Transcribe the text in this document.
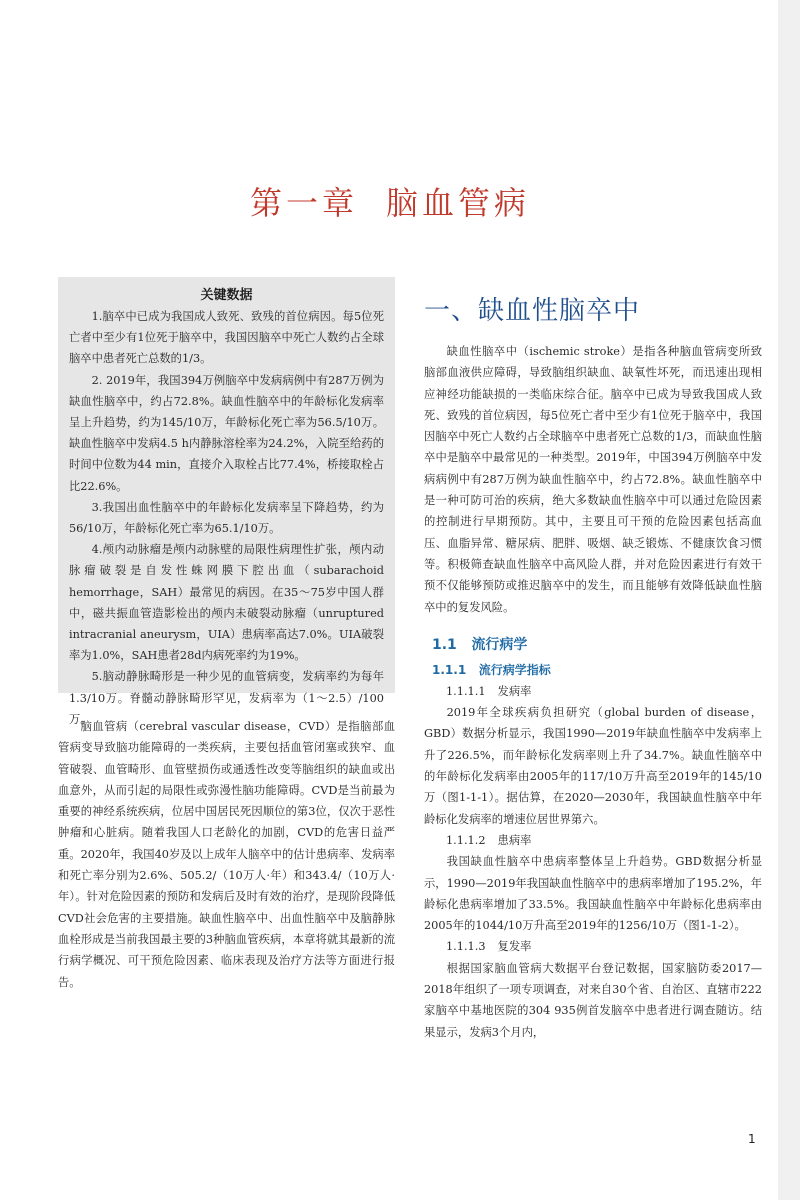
第一章 脑血管病
关键数据

1.脑卒中已成为我国成人致死、致残的首位病因。每5位死亡者中至少有1位死于脑卒中，我国因脑卒中死亡人数约占全球脑卒中患者死亡总数的1/3。

2. 2019年，我国394万例脑卒中发病病例中有287万例为缺血性脑卒中，约占72.8%。缺血性脑卒中的年龄标化发病率呈上升趋势，约为145/10万，年龄标化死亡率为56.5/10万。缺血性脑卒中发病4.5 h内静脉溶栓率为24.2%，入院至给药的时间中位数为44 min，直接介入取栓占比77.4%，桥接取栓占比22.6%。

3.我国出血性脑卒中的年龄标化发病率呈下降趋势，约为56/10万，年龄标化死亡率为65.1/10万。

4.颅内动脉瘤是颅内动脉壁的局限性病理性扩张，颅内动脉瘤破裂是自发性蛛网膜下腔出血（subarachoid hemorrhage，SAH）最常见的病因。在35～75岁中国人群中，磁共振血管造影检出的颅内未破裂动脉瘤（unruptured intracranial aneurysm，UIA）患病率高达7.0%。UIA破裂率为1.0%，SAH患者28d内病死率约为19%。

5.脑动静脉畸形是一种少见的血管病变，发病率约为每年1.3/10万。脊髓动静脉畸形罕见，发病率为（1～2.5）/100万。

脑血管病（cerebral vascular disease，CVD）是指脑部血管病变导致脑功能障碍的一类疾病，主要包括血管闭塞或狭窄、血管破裂、血管畸形、血管壁损伤或通透性改变等脑组织的缺血或出血意外，从而引起的局限性或弥漫性脑功能障碍。CVD是当前最为重要的神经系统疾病，位居中国居民死因顺位的第3位，仅次于恶性肿瘤和心脏病。随着我国人口老龄化的加剧，CVD的危害日益严重。2020年，我国40岁及以上成年人脑卒中的估计患病率、发病率和死亡率分别为2.6%、505.2/（10万人·年）和343.4/（10万人·年）。针对危险因素的预防和发病后及时有效的治疗，是现阶段降低CVD社会危害的主要措施。缺血性脑卒中、出血性脑卒中及脑静脉血栓形成是当前我国最主要的3种脑血管疾病，本章将就其最新的流行病学概况、可干预危险因素、临床表现及治疗方法等方面进行报告。

一、缺血性脑卒中

缺血性脑卒中（ischemic stroke）是指各种脑血管病变所致脑部血液供应障碍，导致脑组织缺血、缺氧性坏死，而迅速出现相应神经功能缺损的一类临床综合征。脑卒中已成为导致我国成人致死、致残的首位病因，每5位死亡者中至少有1位死于脑卒中，我国因脑卒中死亡人数约占全球脑卒中患者死亡总数的1/3，而缺血性脑卒中是脑卒中最常见的一种类型。2019年，中国394万例脑卒中发病病例中有287万例为缺血性脑卒中，约占72.8%。缺血性脑卒中是一种可防可治的疾病，绝大多数缺血性脑卒中可以通过危险因素的控制进行早期预防。其中，主要且可干预的危险因素包括高血压、血脂异常、糖尿病、肥胖、吸烟、缺乏锻炼、不健康饮食习惯等。积极筛查缺血性脑卒中高风险人群，并对危险因素进行有效干预不仅能够预防或推迟脑卒中的发生，而且能够有效降低缺血性脑卒中的复发风险。

1.1 流行病学
1.1.1 流行病学指标
1.1.1.1 发病率

2019年全球疾病负担研究（global burden of disease，GBD）数据分析显示，我国1990—2019年缺血性脑卒中发病率上升了226.5%，而年龄标化发病率则上升了34.7%。缺血性脑卒中的年龄标化发病率由2005年的117/10万升高至2019年的145/10万（图1-1-1）。据估算，在2020—2030年，我国缺血性脑卒中年龄标化发病率的增速位居世界第六。

1.1.1.2 患病率

我国缺血性脑卒中患病率整体呈上升趋势。GBD数据分析显示，1990—2019年我国缺血性脑卒中的患病率增加了195.2%，年龄标化患病率增加了33.5%。我国缺血性脑卒中年龄标化患病率由2005年的1044/10万升高至2019年的1256/10万（图1-1-2）。

1.1.1.3 复发率

根据国家脑血管病大数据平台登记数据，国家脑防委2017—2018年组织了一项专项调查，对来自30个省、自治区、直辖市222家脑卒中基地医院的304 935例首发脑卒中患者进行调查随访。结果显示，发病3个月内，

1
